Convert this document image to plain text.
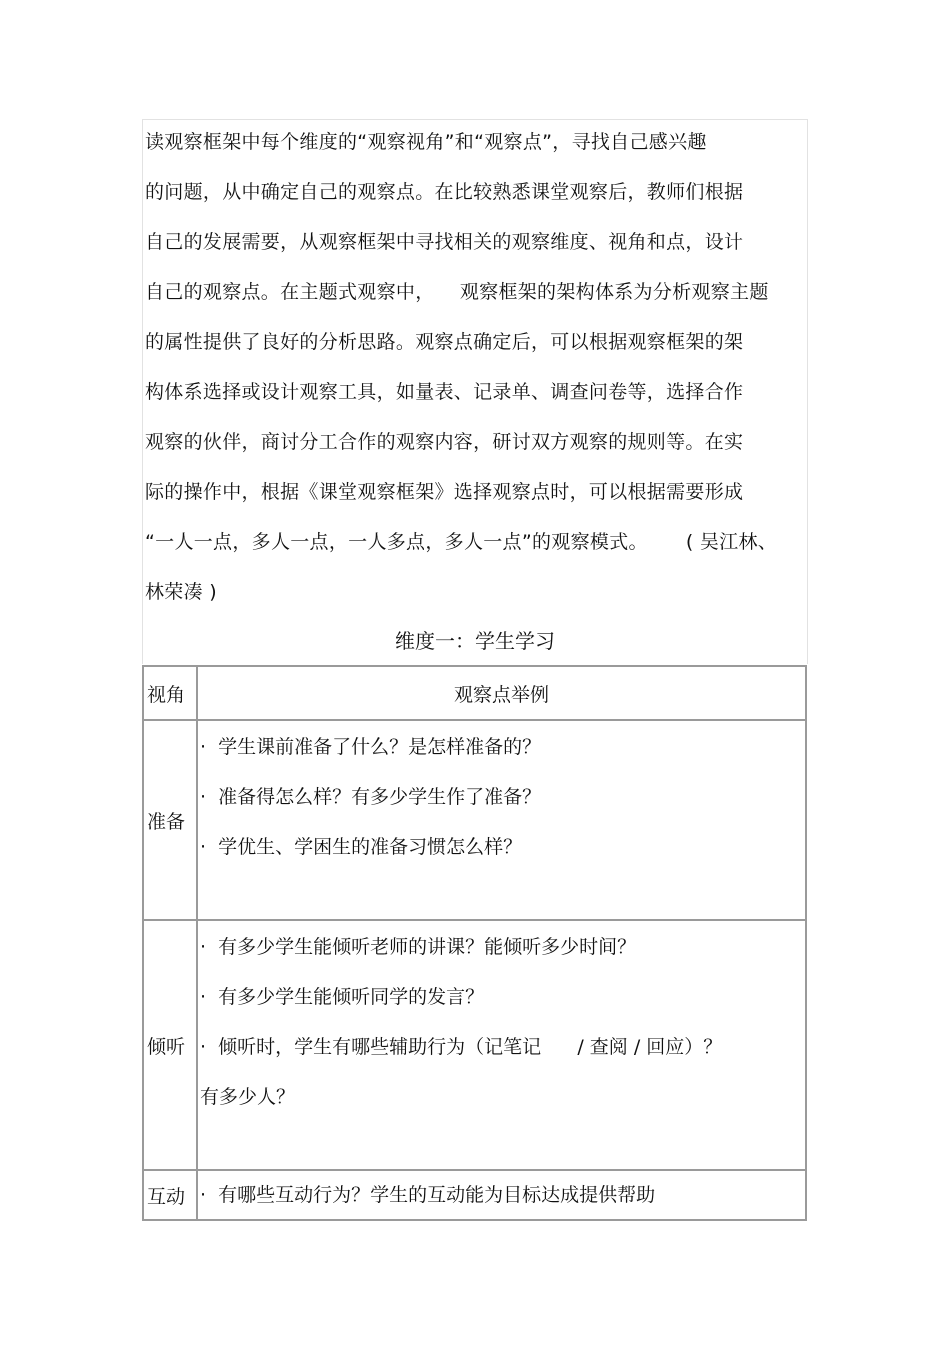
读观察框架中每个维度的“观察视角”和“观察点”，寻找自己感兴趣
的问题，从中确定自己的观察点。在比较熟悉课堂观察后，教师们根据
自己的发展需要，从观察框架中寻找相关的观察维度、视角和点，设计
自己的观察点。在主题式观察中，    观察框架的架构体系为分析观察主题
的属性提供了良好的分析思路。观察点确定后，可以根据观察框架的架
构体系选择或设计观察工具，如量表、记录单、调查问卷等，选择合作
观察的伙伴，商讨分工合作的观察内容，研讨双方观察的规则等。在实
际的操作中，根据《课堂观察框架》选择观察点时，可以根据需要形成
“一人一点，多人一点，一人多点，多人一点”的观察模式。      ( 吴江林、
林荣凑 )
维度一：学生学习
视角	观察点举例
准备	·  学生课前准备了什么？是怎样准备的？
·  准备得怎么样？有多少学生作了准备？
·  学优生、学困生的准备习惯怎么样？

倾听	·  有多少学生能倾听老师的讲课？能倾听多少时间？
·  有多少学生能倾听同学的发言？
·  倾听时，学生有哪些辅助行为（记笔记      / 查阅 / 回应）？
有多少人？

互动	·  有哪些互动行为？学生的互动能为目标达成提供帮助
